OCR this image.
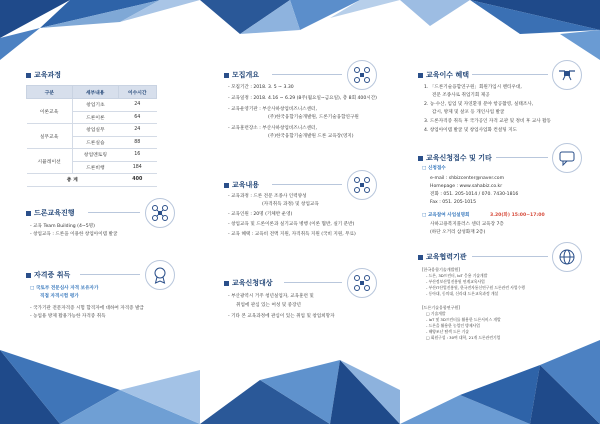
교육과정
구분	세부내용	이수시간
이론교육	창업기초	24
	드론이론	64
실무교육	창업실무	24
	드론실습	88
시뮬레이션	창업멘토링	16
	드론비행	184
총 계		400
드론교육진행
- 교육 Team Building (4~5명)
- 창업교육 : 드론을 이용한 창업아이템 발굴
자격증 취득
□ 국토부 전문심사 자격 보유자가
직접 자격시험 평가
- 국가기관 전문자격증 시험 합격자에 대하여 자격증 발급
- 농업용 방제 활용가능한 자격증 취득
모집개요
- 모집기간 : 2018. 3. 5 ~ 3.30
- 교육일정 : 2018. 4.16 ~ 6.29 (8주(월요일~금요일), 총 8회 400시간)
- 교육운영기관 : 부산사하창업비즈니스센터,
(주)한국융합기술개발원, 드론기술융합연구원
- 교육훈련장소 : 부산사하창업비즈니스센터,
(주)한국융합기술개발원 드론 교육장(영지)
교육내용
- 교육과정 : 드론 전문 조종사 인력양성
(자격취득 과정) 및 창업교육
- 교육인원 : 20명 (기체반 운영)
- 창업교육 및 드론이론과 실기교육 병행 (이론 협반, 실기 분반)
- 교육 혜택 : 교육비 전액 지원, 자격취득 지원 (국비 지원, 무료)
교육신청대상
- 부산광역시 거주 청년실업자, 교육훈련 및
취업에 관심 있는 여성 및 중장년
- 기타 본 교육과정에 관심이 있는 취업 및 창업희망자
교육이수 혜택
1. 「드론기술융합연구원」회원가입시 멘티우대,
전문 조종사로 취업기회 제공
2. 농·수산, 임업 및 자연환경 분야 항공촬영, 실태조사,
감시, 방제 및 살포 등 개인사업 발굴
3. 드론자격증 취득 후 국가공인 자격 교관 및 정비 후 교사 활동
4. 창업아이템 발굴 및 창업사업화 컨설팅 지도
교육신청접수 및 기타
□ 신청접수
e-mail : shbizcenter@naver.com
Homepage : www.sahabiz.co.kr
전화 : 051. 205-1014 / 070. 7430-1816
Fax : 051. 205-1015
□ 교육참여 사업설명회	3.20(화) 15:00~17:00
사하고용복지플러스 센터 교육장 7층
(하단 오거리 삼성화재 2층)
교육협력기관
[한국융합기술개발원]
- 드론, 3D프린터, IoT 응용 기술개발
- 부산정보산업진흥원 연계교육사업
- 부산IT산업진흥원, 한국전자통신연구원 드론관련 사업수행
- 동아대, 동의대, 신라대 드론교육과정 개설
[드론기술융합연구원]
□ 기술개발
- IoT 및 3D프린터를 활용한 드론서비스 개발
- 드론을 활용한 농업인 방제사업
- 해양조난 탐색 드론 기술
□ 회원구성 : 30여 대학, 21개 드론관련기업
